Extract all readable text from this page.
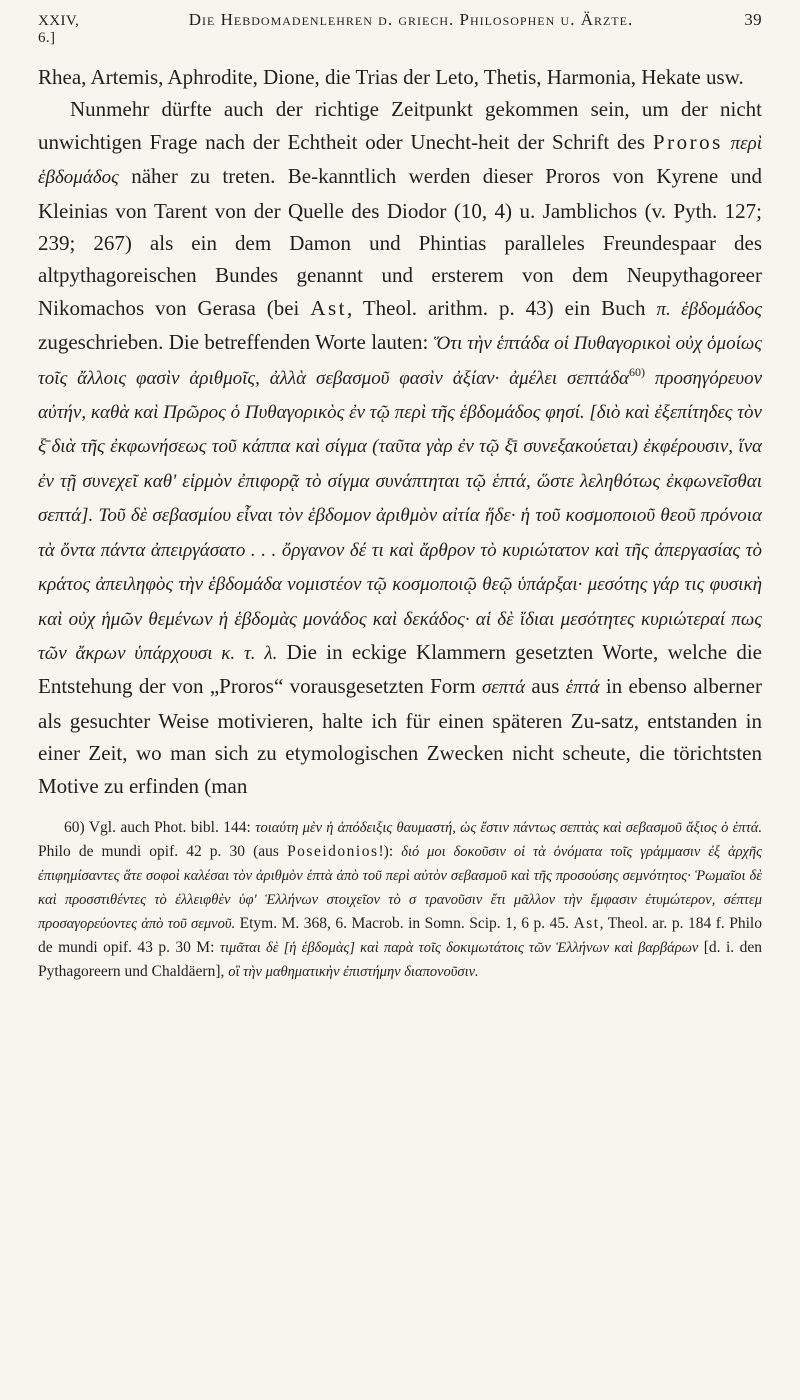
XXIV, 6.]
Die Hebdomadenlehren d. griech. Philosophen u. Ärzte.	39

Rhea, Artemis, Aphrodite, Dione, die Trias der Leto, Thetis, Harmonia, Hekate usw.

Nunmehr dürfte auch der richtige Zeitpunkt gekommen sein, um der nicht unwichtigen Frage nach der Echtheit oder Unecht-heit der Schrift des Proros περὶ ἑβδομάδος näher zu treten. Be-kanntlich werden dieser Proros von Kyrene und Kleinias von Tarent von der Quelle des Diodor (10, 4) u. Jamblichos (v. Pyth. 127; 239; 267) als ein dem Damon und Phintias paralleles Freundespaar des altpythagoreischen Bundes genannt und ersterem von dem Neupythagoreer Nikomachos von Gerasa (bei Ast, Theol. arithm. p. 43) ein Buch π. ἑβδομάδος zugeschrieben. Die betreffenden Worte lauten: Ὅτι τὴν ἑπτάδα οἱ Πυθαγορικοὶ οὐχ ὁμοίως τοῖς ἄλλοις φασὶν ἀριθμοῖς, ἀλλὰ σεβασμοῦ φασὶν ἀξίαν· ἀμέλει σεπτάδα$^{60)}$ προσηγόρευον αὐτήν, καθὰ καὶ Πρῶρος ὁ Πυθαγορικὸς ἐν τῷ περὶ τῆς ἑβδομάδος φησί. [διὸ καὶ ἐξεπίτηδες τὸν ξ̄ διὰ τῆς ἐκφωνήσεως τοῦ κάππα καὶ σίγμα (ταῦτα γὰρ ἐν τῷ ξ̄ι συνεξακούεται) ἐκφέρουσιν, ἵνα ἐν τῇ συνεχεῖ καθ' εἱρμὸν ἐπιφορᾷ τὸ σίγμα συνάπτηται τῷ ἑπτά, ὥστε λεληθότως ἐκφωνεῖσθαι σεπτά]. Τοῦ δὲ σεβασμίου εἶναι τὸν ἑβδομον ἀριθμὸν αἰτία ἥδε· ἡ τοῦ κοσμοποιοῦ θεοῦ πρόνοια τὰ ὄντα πάντα ἀπειργάσατο . . . ὄργανον δέ τι καὶ ἄρθρον τὸ κυριώτατον καὶ τῆς ἀπεργασίας τὸ κράτος ἀπειληφὸς τὴν ἑβδομάδα νομιστέον τῷ κοσμοποιῷ θεῷ ὑπάρξαι· μεσότης γάρ τις φυσικὴ καὶ οὐχ ἡμῶν θεμένων ἡ ἑβδομὰς μονάδος καὶ δεκάδος· αἱ δὲ ἴδιαι μεσότητες κυριώτεραί πως τῶν ἄκρων ὑπάρχουσι κ. τ. λ. Die in eckige Klammern gesetzten Worte, welche die Entstehung der von „Proros“ vorausgesetzten Form σεπτά aus ἑπτά in ebenso alberner als gesuchter Weise motivieren, halte ich für einen späteren Zu-satz, entstanden in einer Zeit, wo man sich zu etymologischen Zwecken nicht scheute, die törichtsten Motive zu erfinden (man

60) Vgl. auch Phot. bibl. 144: τοιαύτη μὲν ἡ ἀπόδειξις θαυμαστή, ὡς ἔστιν πάντως σεπτὰς καὶ σεβασμοῦ ἄξιος ὁ ἑπτά. Philo de mundi opif. 42 p. 30 (aus Poseidonios!): διό μοι δοκοῦσιν οἱ τὰ ὀνόματα τοῖς γράμμασιν ἐξ ἀρχῆς ἐπιφημίσαντες ἅτε σοφοὶ καλέσαι τὸν ἀριθμὸν ἑπτὰ ἀπὸ τοῦ περὶ αὐτὸν σεβασμοῦ καὶ τῆς προσούσης σεμνότητος· Ῥωμαῖοι δὲ καὶ προσστιθέντες τὸ ἐλλειφθὲν ὑφ' Ἑλλήνων στοιχεῖον τὸ σ τρανοῦσιν ἔτι μᾶλλον τὴν ἔμφασιν ἐτυμώτερον, σέπτεμ προσαγορεύοντες ἀπὸ τοῦ σεμνοῦ. Etym. M. 368, 6. Macrob. in Somn. Scip. 1, 6 p. 45. Ast, Theol. ar. p. 184 f. Philo de mundi opif. 43 p. 30 M: τιμᾶται δὲ [ἡ ἑβδομὰς] καὶ παρὰ τοῖς δοκιμωτάτοις τῶν Ἑλλήνων καὶ βαρβάρων [d. i. den Pythagoreern und Chaldäern], οἳ τὴν μαθηματικὴν ἐπιστήμην διαπονοῦσιν.
